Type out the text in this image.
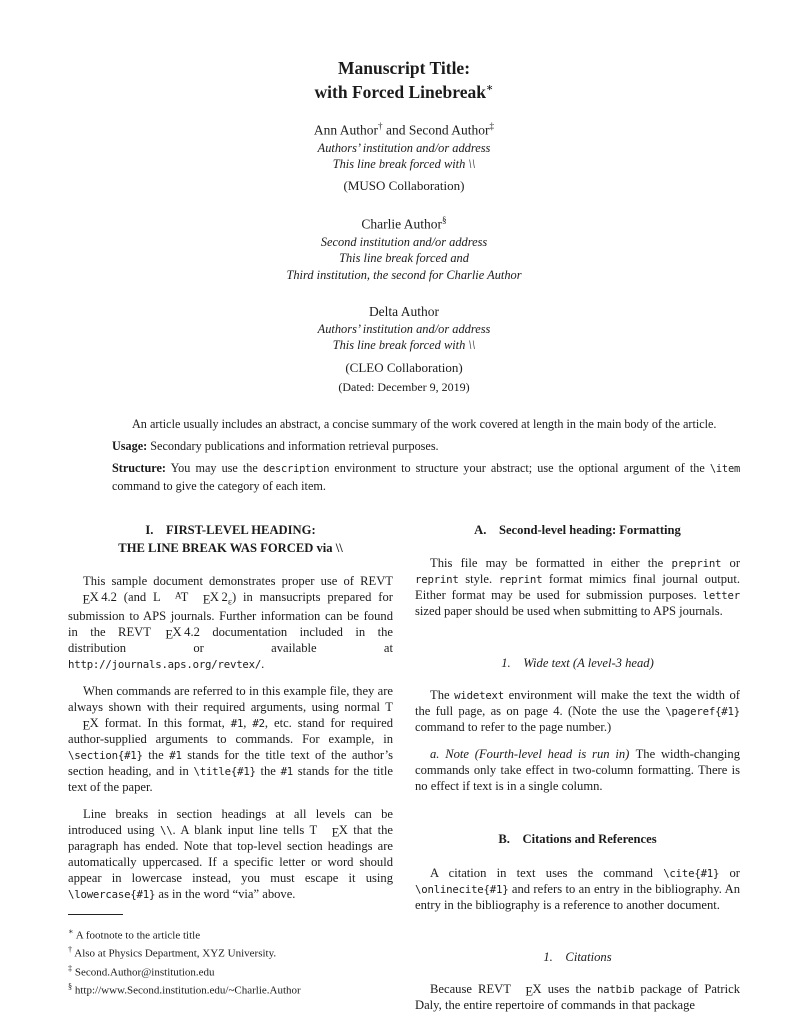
Manuscript Title:
with Forced Linebreak∗
Ann Author† and Second Author‡
Authors’ institution and/or address
This line break forced with \\
(MUSO Collaboration)
Charlie Author§
Second institution and/or address
This line break forced and
Third institution, the second for Charlie Author
Delta Author
Authors’ institution and/or address
This line break forced with \\
(CLEO Collaboration)
(Dated: December 9, 2019)

An article usually includes an abstract, a concise summary of the work covered at length in the main body of the article.

Usage: Secondary publications and information retrieval purposes.

Structure: You may use the description environment to structure your abstract; use the optional argument of the \item command to give the category of each item.

I. FIRST-LEVEL HEADING:
THE LINE BREAK WAS FORCED via \\

This sample document demonstrates proper use of REVTEX 4.2 (and L AT EX $2_\varepsilon$) in mansucripts prepared for submission to APS journals. Further information can be found in the REVT EX 4.2 documentation included in the distribution or available at http://journals.aps.org/revtex/.

When commands are referred to in this example file, they are always shown with their required arguments, using normal TEX format. In this format, #1, #2, etc. stand for required author-supplied arguments to commands. For example, in \section{#1} the #1 stands for the title text of the author’s section heading, and in \title{#1} the #1 stands for the title text of the paper.

Line breaks in section headings at all levels can be introduced using \\. A blank input line tells T EX that the paragraph has ended. Note that top-level section headings are automatically uppercased. If a specific letter or word should appear in lowercase instead, you must escape it using \lowercase{#1} as in the word “via” above.

∗ A footnote to the article title
† Also at Physics Department, XYZ University.
‡ Second.Author@institution.edu
§ http://www.Second.institution.edu/~Charlie.Author
A. Second-level heading: Formatting

This file may be formatted in either the preprint or reprint style. reprint format mimics final journal output. Either format may be used for submission purposes. letter sized paper should be used when submitting to APS journals.

1. Wide text (A level-3 head)

The widetext environment will make the text the width of the full page, as on page 4. (Note the use the \pageref{#1} command to refer to the page number.)

a. Note (Fourth-level head is run in) The width-changing commands only take effect in two-column formatting. There is no effect if text is in a single column.

B. Citations and References

A citation in text uses the command \cite{#1} or \onlinecite{#1} and refers to an entry in the bibliography. An entry in the bibliography is a reference to another document.

1. Citations

Because REVT EX uses the natbib package of Patrick Daly, the entire repertoire of commands in that package
